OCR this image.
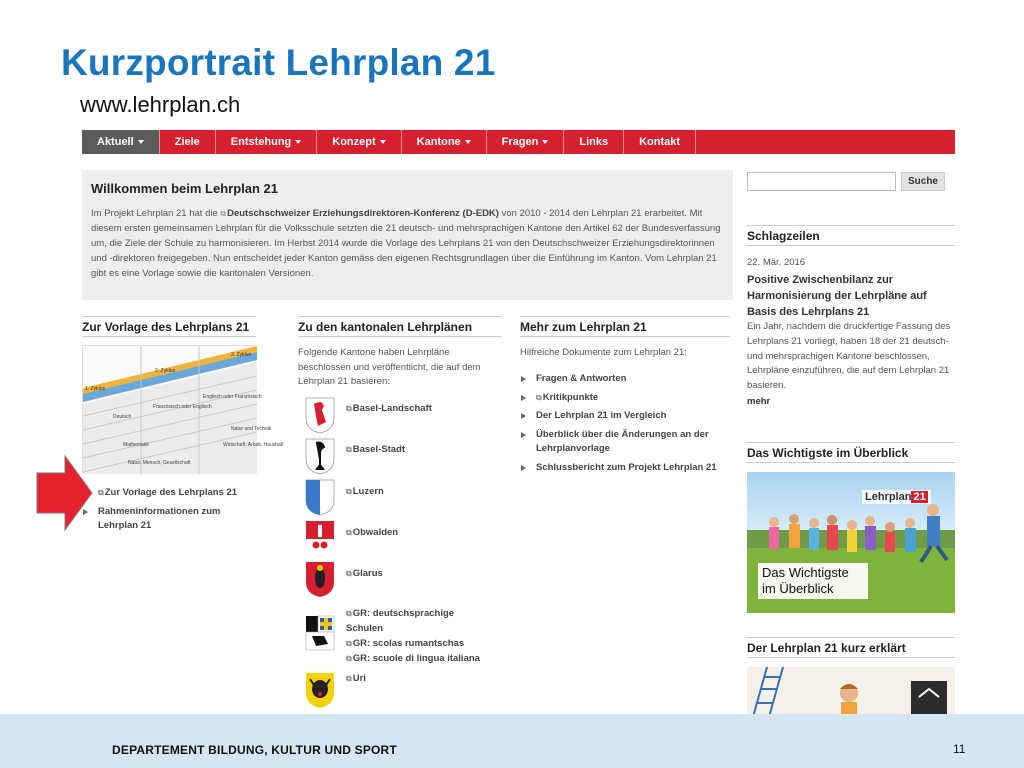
Kurzportrait Lehrplan 21
www.lehrplan.ch
Aktuell	Ziele	Entstehung	Konzept	Kantone	Fragen	Links	Kontakt
Willkommen beim Lehrplan 21

Im Projekt Lehrplan 21 hat die ⧉Deutschschweizer Erziehungsdirektoren-Konferenz (D-EDK) von 2010 - 2014 den Lehrplan 21 erarbeitet. Mit diesem ersten gemeinsamen Lehrplan für die Volksschule setzten die 21 deutsch- und mehrsprachigen Kantone den Artikel 62 der Bundesverfassung um, die Ziele der Schule zu harmonisieren. Im Herbst 2014 wurde die Vorlage des Lehrplans 21 von den Deutschschweizer Erziehungsdirektorinnen und -direktoren freigegeben. Nun entscheidet jeder Kanton gemäss den eigenen Rechtsgrundlagen über die Einführung im Kanton. Vom Lehrplan 21 gibt es eine Vorlage sowie die kantonalen Versionen.

Suche
Zur Vorlage des Lehrplans 21
1. Zyklus
2. Zyklus
3. Zyklus
Deutsch
Französisch oder Englisch
Englisch oder Französisch
Mathematik
Natur, Mensch, Gesellschaft
Natur und Technik
Wirtschaft, Arbeit, Haushalt
⧉Zur Vorlage des Lehrplans 21
Rahmeninformationen zum Lehrplan 21
Zu den kantonalen Lehrplänen
Folgende Kantone haben Lehrpläne beschlossen und veröffentlicht, die auf dem Lehrplan 21 basieren:
⧉Basel-Landschaft
⧉Basel-Stadt
⧉Luzern
⧉Obwalden
⧉Glarus
⧉GR: deutschsprachige
Schulen
⧉GR: scolas rumantschas
⧉GR: scuole di lingua italiana
⧉Uri
Mehr zum Lehrplan 21
Hilfreiche Dokumente zum Lehrplan 21:
Fragen & Antworten
⧉Kritikpunkte
Der Lehrplan 21 im Vergleich
Überblick über die Änderungen an der Lehrplanvorlage
Schlussbericht zum Projekt Lehrplan 21
Schlagzeilen
22. Mär. 2016
Positive Zwischenbilanz zur Harmonisierung der Lehrpläne auf Basis des Lehrplans 21
Ein Jahr, nachdem die druckfertige Fassung des Lehrplans 21 vorliegt, haben 18 der 21 deutsch- und mehrsprachigen Kantone beschlossen, Lehrpläne einzuführen, die auf dem Lehrplan 21 basieren.
mehr
Das Wichtigste im Überblick
Lehrplan 21
Das Wichtigste im Überblick
Der Lehrplan 21 kurz erklärt
DEPARTEMENT BILDUNG, KULTUR UND SPORT	11
